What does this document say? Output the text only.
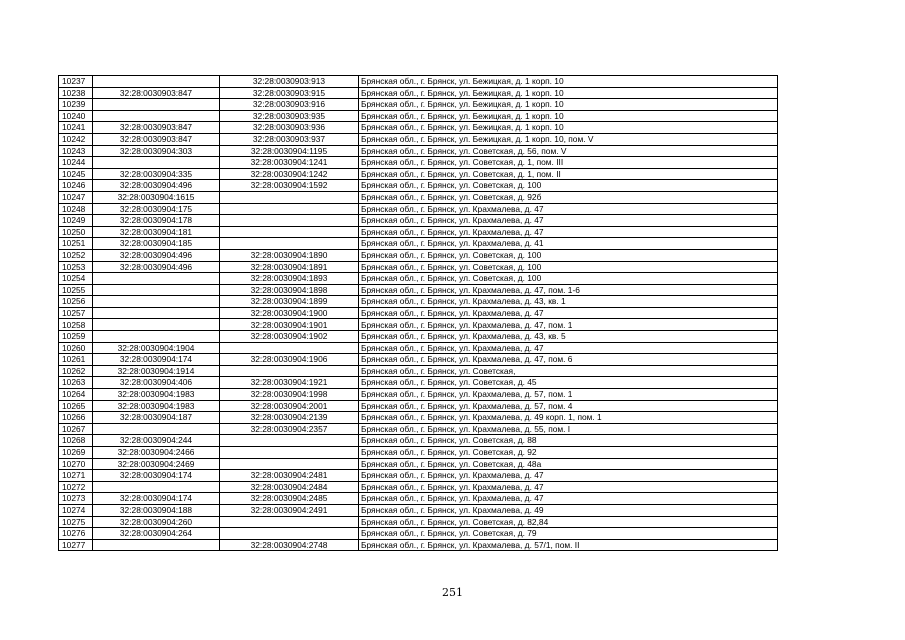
10237		32:28:0030903:913	Брянская обл., г. Брянск, ул. Бежицкая, д. 1 корп. 10
10238	32:28:0030903:847	32:28:0030903:915	Брянская обл., г. Брянск, ул. Бежицкая, д. 1 корп. 10
10239		32:28:0030903:916	Брянская обл., г. Брянск, ул. Бежицкая, д. 1 корп. 10
10240		32:28:0030903:935	Брянская обл., г. Брянск, ул. Бежицкая, д. 1 корп. 10
10241	32:28:0030903:847	32:28:0030903:936	Брянская обл., г. Брянск, ул. Бежицкая, д. 1 корп. 10
10242	32:28:0030903:847	32:28:0030903:937	Брянская обл., г. Брянск, ул. Бежицкая, д. 1 корп. 10, пом. V
10243	32:28:0030904:303	32:28:0030904:1195	Брянская обл., г. Брянск, ул. Советская, д. 56, пом. V
10244		32:28:0030904:1241	Брянская обл., г. Брянск, ул. Советская, д. 1, пом. III
10245	32:28:0030904:335	32:28:0030904:1242	Брянская обл., г. Брянск, ул. Советская, д. 1, пом. II
10246	32:28:0030904:496	32:28:0030904:1592	Брянская обл., г. Брянск, ул. Советская, д. 100
10247	32:28:0030904:1615		Брянская обл., г. Брянск, ул. Советская, д. 92б
10248	32:28:0030904:175		Брянская обл., г. Брянск, ул. Крахмалева, д. 47
10249	32:28:0030904:178		Брянская обл., г. Брянск, ул. Крахмалева, д. 47
10250	32:28:0030904:181		Брянская обл., г. Брянск, ул. Крахмалева, д. 47
10251	32:28:0030904:185		Брянская обл., г. Брянск, ул. Крахмалева, д. 41
10252	32:28:0030904:496	32:28:0030904:1890	Брянская обл., г. Брянск, ул. Советская, д. 100
10253	32:28:0030904:496	32:28:0030904:1891	Брянская обл., г. Брянск, ул. Советская, д. 100
10254		32:28:0030904:1893	Брянская обл., г. Брянск, ул. Советская, д. 100
10255		32:28:0030904:1898	Брянская обл., г. Брянск, ул. Крахмалева, д. 47, пом. 1-6
10256		32:28:0030904:1899	Брянская обл., г. Брянск, ул. Крахмалева, д. 43, кв. 1
10257		32:28:0030904:1900	Брянская обл., г. Брянск, ул. Крахмалева, д. 47
10258		32:28:0030904:1901	Брянская обл., г. Брянск, ул. Крахмалева, д. 47, пом. 1
10259		32:28:0030904:1902	Брянская обл., г. Брянск, ул. Крахмалева, д. 43, кв. 5
10260	32:28:0030904:1904		Брянская обл., г. Брянск, ул. Крахмалева, д. 47
10261	32:28:0030904:174	32:28:0030904:1906	Брянская обл., г. Брянск, ул. Крахмалева, д. 47, пом. 6
10262	32:28:0030904:1914		Брянская обл., г. Брянск, ул. Советская,
10263	32:28:0030904:406	32:28:0030904:1921	Брянская обл., г. Брянск, ул. Советская, д. 45
10264	32:28:0030904:1983	32:28:0030904:1998	Брянская обл., г. Брянск, ул. Крахмалева, д. 57, пом. 1
10265	32:28:0030904:1983	32:28:0030904:2001	Брянская обл., г. Брянск, ул. Крахмалева, д. 57, пом. 4
10266	32:28:0030904:187	32:28:0030904:2139	Брянская обл., г. Брянск, ул. Крахмалева, д. 49 корп. 1, пом. 1
10267		32:28:0030904:2357	Брянская обл., г. Брянск, ул. Крахмалева, д. 55, пом. I
10268	32:28:0030904:244		Брянская обл., г. Брянск, ул. Советская, д. 88
10269	32:28:0030904:2466		Брянская обл., г. Брянск, ул. Советская, д. 92
10270	32:28:0030904:2469		Брянская обл., г. Брянск, ул. Советская, д. 48а
10271	32:28:0030904:174	32:28:0030904:2481	Брянская обл., г. Брянск, ул. Крахмалева, д. 47
10272		32:28:0030904:2484	Брянская обл., г. Брянск, ул. Крахмалева, д. 47
10273	32:28:0030904:174	32:28:0030904:2485	Брянская обл., г. Брянск, ул. Крахмалева, д. 47
10274	32:28:0030904:188	32:28:0030904:2491	Брянская обл., г. Брянск, ул. Крахмалева, д. 49
10275	32:28:0030904:260		Брянская обл., г. Брянск, ул. Советская, д. 82,84
10276	32:28:0030904:264		Брянская обл., г. Брянск, ул. Советская, д. 79
10277		32:28:0030904:2748	Брянская обл., г. Брянск, ул. Крахмалева, д. 57/1, пом. II
251
